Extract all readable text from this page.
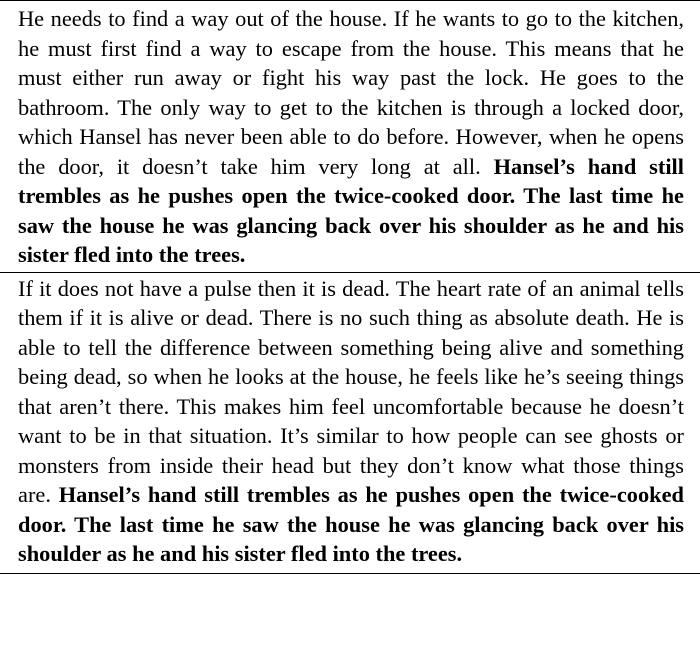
He needs to find a way out of the house. If he wants to go to the kitchen, he must first find a way to escape from the house. This means that he must either run away or fight his way past the lock. He goes to the bathroom. The only way to get to the kitchen is through a locked door, which Hansel has never been able to do before. However, when he opens the door, it doesn’t take him very long at all. Hansel’s hand still trembles as he pushes open the twice-cooked door. The last time he saw the house he was glancing back over his shoulder as he and his sister fled into the trees.
If it does not have a pulse then it is dead. The heart rate of an animal tells them if it is alive or dead. There is no such thing as absolute death. He is able to tell the difference between something being alive and something being dead, so when he looks at the house, he feels like he’s seeing things that aren’t there. This makes him feel uncomfortable because he doesn’t want to be in that situation. It’s similar to how people can see ghosts or monsters from inside their head but they don’t know what those things are. Hansel’s hand still trembles as he pushes open the twice-cooked door. The last time he saw the house he was glancing back over his shoulder as he and his sister fled into the trees.
